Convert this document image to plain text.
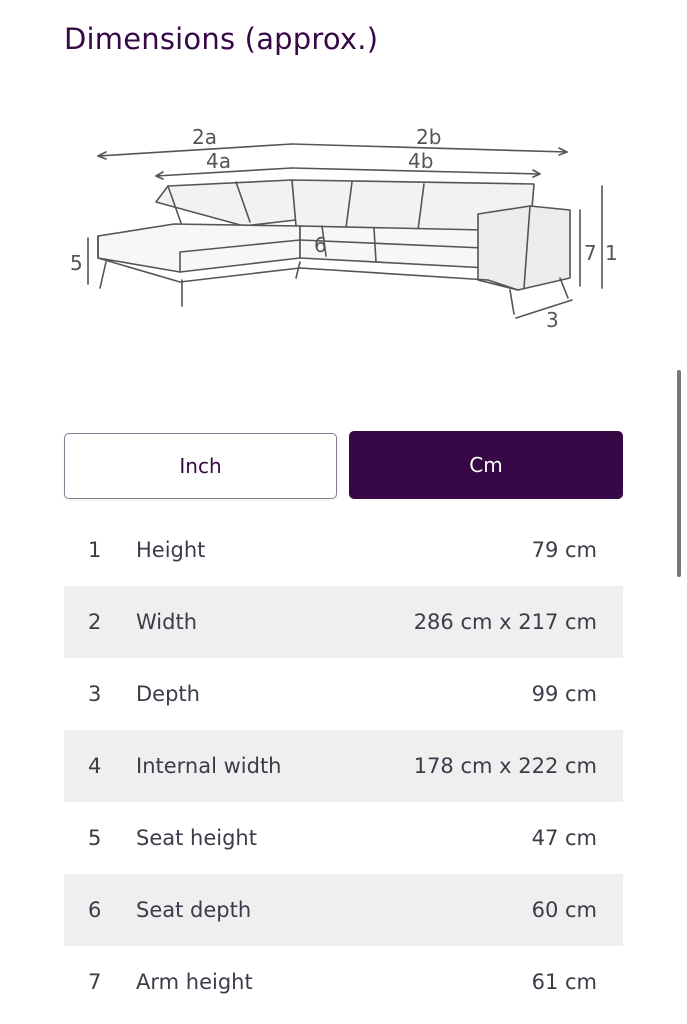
Dimensions (approx.)
2a
4a
2b
4b
5
6	7 1
3
Inch	Cm
1	Height	79 cm
2	Width	286 cm x 217 cm
3	Depth	99 cm
4	Internal width	178 cm x 222 cm
5	Seat height	47 cm
6	Seat depth	60 cm
7	Arm height	61 cm
